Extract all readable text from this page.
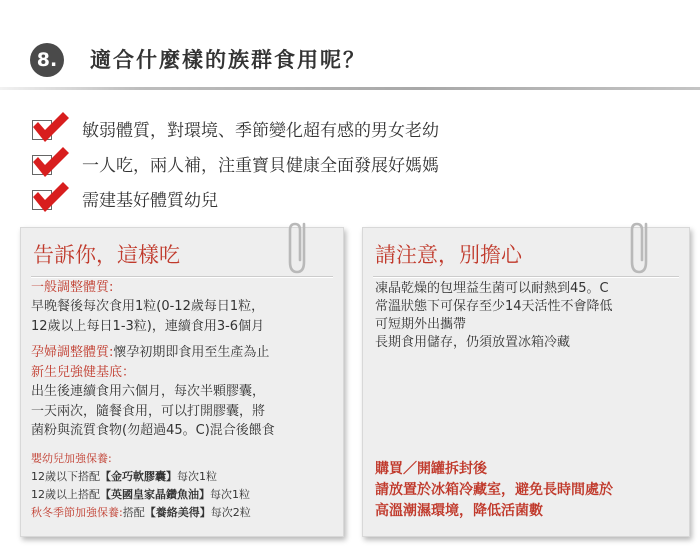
8.	適合什麼樣的族群食用呢？
敏弱體質，對環境、季節變化超有感的男女老幼
一人吃，兩人補，注重寶貝健康全面發展好媽媽
需建基好體質幼兒
告訴你，這樣吃
一般調整體質:
早晚餐後每次食用1粒(0-12歲每日1粒，
12歲以上每日1-3粒)，連續食用3-6個月
孕婦調整體質:懷孕初期即食用至生產為止
新生兒強健基底：
出生後連續食用六個月，每次半顆膠囊，
一天兩次，隨餐食用，可以打開膠囊，將
菌粉與流質食物(勿超過45。C)混合後餵食
嬰幼兒加強保養:
12歲以下搭配【金巧軟膠囊】每次1粒
12歲以上搭配【英國皇家晶鑽魚油】每次1粒
秋冬季節加強保養:搭配【養絡美得】每次2粒
請注意，別擔心
凍晶乾燥的包埋益生菌可以耐熱到45。C
常溫狀態下可保存至少14天活性不會降低
可短期外出攜帶
長期食用儲存，仍須放置冰箱冷藏
購買／開罐拆封後
請放置於冰箱冷藏室，避免長時間處於
高溫潮濕環境，降低活菌數
